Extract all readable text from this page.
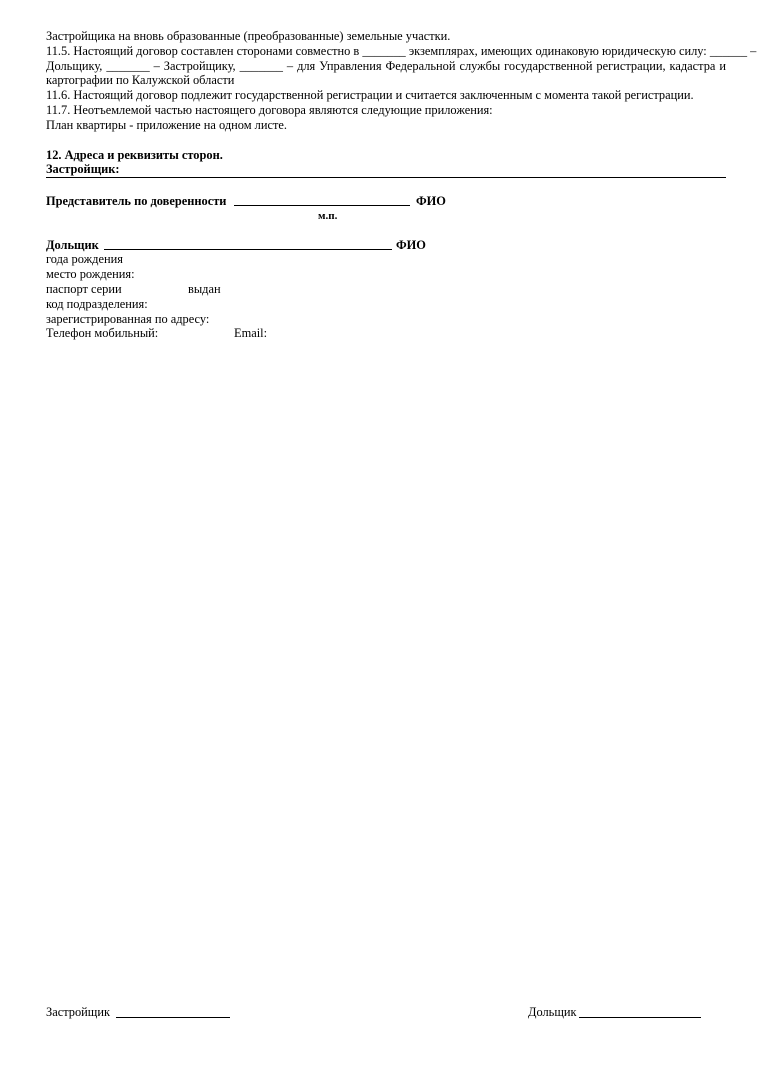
Застройщика на вновь образованные (преобразованные) земельные участки.
11.5. Настоящий договор составлен сторонами совместно в _______ экземплярах, имеющих одинаковую юридическую силу: ______ –
Дольщику, _______ – Застройщику, _______ – для Управления Федеральной службы государственной регистрации, кадастра и
картографии по Калужской области
11.6. Настоящий договор подлежит государственной регистрации и считается заключенным с момента такой регистрации.
11.7. Неотъемлемой частью настоящего договора являются следующие приложения:
План квартиры - приложение на одном листе.
12. Адреса и реквизиты сторон.
Застройщик:
Представитель по доверенности	ФИО
м.п.
Дольщик	ФИО
года рождения
место рождения:
паспорт серии	выдан
код подразделения:
зарегистрированная по адресу:
Телефон мобильный:	Email:
Застройщик	Дольщик
